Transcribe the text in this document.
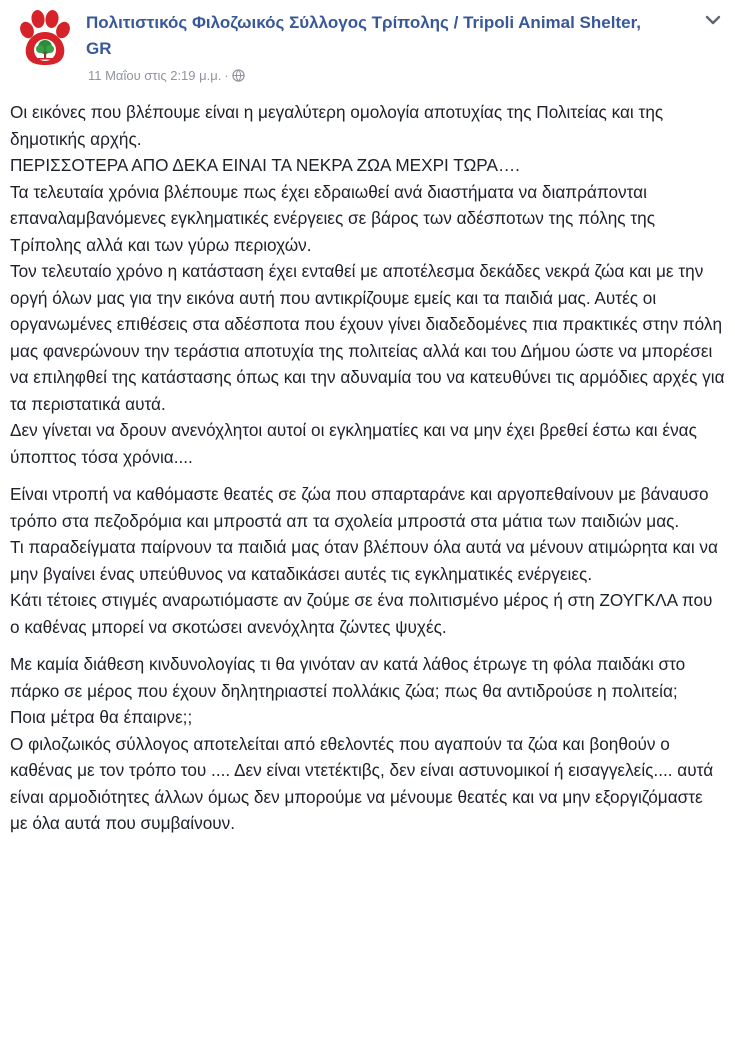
Πολιτιστικός Φιλοζωικός Σύλλογος Τρίπολης / Tripoli Animal Shelter, GR
11 Μαΐου στις 2:19 μ.μ. ·

Οι εικόνες που βλέπουμε είναι η μεγαλύτερη ομολογία αποτυχίας της Πολιτείας και της δημοτικής αρχής.
ΠΕΡΙΣΣΟΤΕΡΑ ΑΠΟ ΔΕΚΑ ΕΙΝΑΙ ΤΑ ΝΕΚΡΑ ΖΩΑ ΜΕΧΡΙ ΤΩΡΑ….
Τα τελευταία χρόνια βλέπουμε πως έχει εδραιωθεί ανά διαστήματα να διαπράπονται επαναλαμβανόμενες εγκληματικές ενέργειες σε βάρος των αδέσποτων της πόλης της Τρίπολης αλλά και των γύρω περιοχών.
Τον τελευταίο χρόνο η κατάσταση έχει ενταθεί με αποτέλεσμα δεκάδες νεκρά ζώα και με την οργή όλων μας για την εικόνα αυτή που αντικρίζουμε εμείς και τα παιδιά μας. Αυτές οι οργανωμένες επιθέσεις στα αδέσποτα που έχουν γίνει διαδεδομένες πια πρακτικές στην πόλη μας φανερώνουν την τεράστια αποτυχία της πολιτείας αλλά και του Δήμου ώστε να μπορέσει να επιληφθεί της κατάστασης όπως και την αδυναμία του να κατευθύνει τις αρμόδιες αρχές για τα περιστατικά αυτά.
Δεν γίνεται να δρουν ανενόχλητοι αυτοί οι εγκληματίες και να μην έχει βρεθεί έστω και ένας ύποπτος τόσα χρόνια....

Είναι ντροπή να καθόμαστε θεατές σε ζώα που σπαρταράνε και αργοπεθαίνουν με βάναυσο τρόπο στα πεζοδρόμια και μπροστά απ τα σχολεία μπροστά στα μάτια των παιδιών μας.
Τι παραδείγματα παίρνουν τα παιδιά μας όταν βλέπουν όλα αυτά να μένουν ατιμώρητα και να μην βγαίνει ένας υπεύθυνος να καταδικάσει αυτές τις εγκληματικές ενέργειες.
Κάτι τέτοιες στιγμές αναρωτιόμαστε αν ζούμε σε ένα πολιτισμένο μέρος ή στη ΖΟΥΓΚΛΑ που ο καθένας μπορεί να σκοτώσει ανενόχλητα ζώντες ψυχές.

Με καμία διάθεση κινδυνολογίας τι θα γινόταν αν κατά λάθος έτρωγε τη φόλα παιδάκι στο πάρκο σε μέρος που έχουν δηλητηριαστεί πολλάκις ζώα; πως θα αντιδρούσε η πολιτεία;
Ποια μέτρα θα έπαιρνε;;
Ο φιλοζωικός σύλλογος αποτελείται από εθελοντές που αγαπούν τα ζώα και βοηθούν ο καθένας με τον τρόπο του .... Δεν είναι ντετέκτιβς, δεν είναι αστυνομικοί ή εισαγγελείς.... αυτά είναι αρμοδιότητες άλλων όμως δεν μπορούμε να μένουμε θεατές και να μην εξοργιζόμαστε με όλα αυτά που συμβαίνουν.
